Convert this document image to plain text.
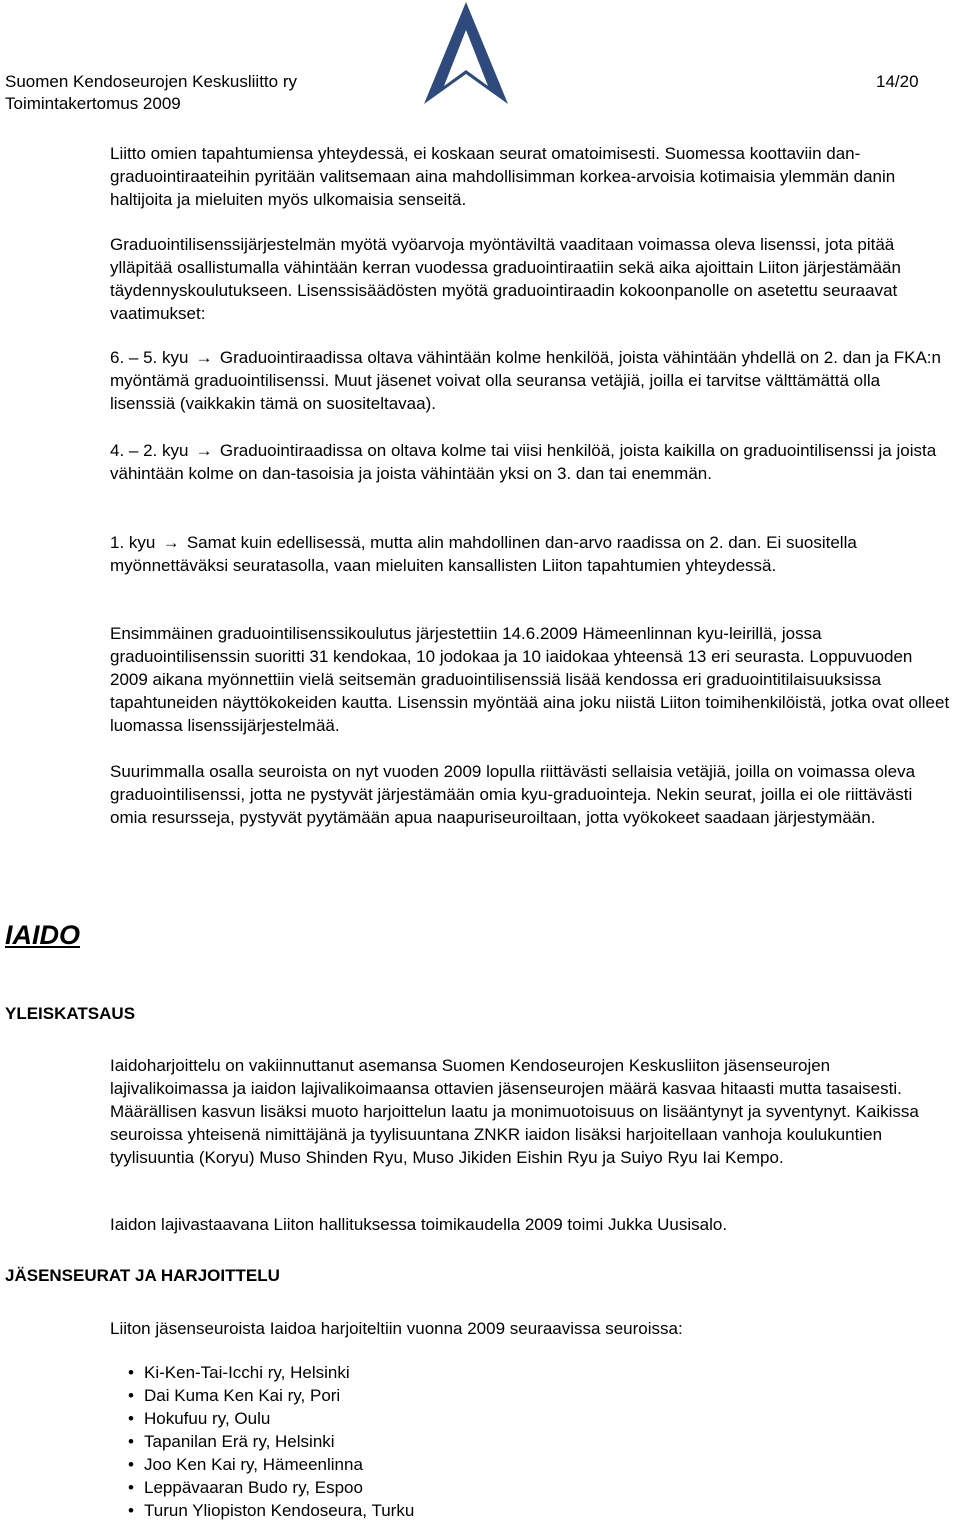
Suomen Kendoseurojen Keskusliitto ry
Toimintakertomus 2009
14/20
Liitto omien tapahtumiensa yhteydessä, ei koskaan seurat omatoimisesti. Suomessa koottaviin dan-graduointiraateihin pyritään valitsemaan aina mahdollisimman korkea-arvoisia kotimaisia ylemmän danin haltijoita ja mieluiten myös ulkomaisia senseitä.
Graduointilisenssijärjestelmän myötä vyöarvoja myöntäviltä vaaditaan voimassa oleva lisenssi, jota pitää ylläpitää osallistumalla vähintään kerran vuodessa graduointiraatiin sekä aika ajoittain Liiton järjestämään täydennyskoulutukseen. Lisenssisäädösten myötä graduointiraadin kokoonpanolle on asetettu seuraavat vaatimukset:
6. – 5. kyu → Graduointiraadissa oltava vähintään kolme henkilöä, joista vähintään yhdellä on 2. dan ja FKA:n myöntämä graduointilisenssi. Muut jäsenet voivat olla seuransa vetäjiä, joilla ei tarvitse välttämättä olla lisenssiä (vaikkakin tämä on suositeltavaa).
4. – 2. kyu → Graduointiraadissa on oltava kolme tai viisi henkilöä, joista kaikilla on graduointilisenssi ja joista vähintään kolme on dan-tasoisia ja joista vähintään yksi on 3. dan tai enemmän.
1. kyu → Samat kuin edellisessä, mutta alin mahdollinen dan-arvo raadissa on 2. dan. Ei suositella myönnettäväksi seuratasolla, vaan mieluiten kansallisten Liiton tapahtumien yhteydessä.
Ensimmäinen graduointilisenssikoulutus järjestettiin 14.6.2009 Hämeenlinnan kyu-leirillä, jossa graduointilisenssin suoritti 31 kendokaa, 10 jodokaa ja 10 iaidokaa yhteensä 13 eri seurasta. Loppuvuoden 2009 aikana myönnettiin vielä seitsemän graduointilisenssiä lisää kendossa eri graduointitilaisuuksissa tapahtuneiden näyttökokeiden kautta. Lisenssin myöntää aina joku niistä Liiton toimihenkilöistä, jotka ovat olleet luomassa lisenssijärjestelmää.
Suurimmalla osalla seuroista on nyt vuoden 2009 lopulla riittävästi sellaisia vetäjiä, joilla on voimassa oleva graduointilisenssi, jotta ne pystyvät järjestämään omia kyu-graduointeja. Nekin seurat, joilla ei ole riittävästi omia resursseja, pystyvät pyytämään apua naapuriseuroiltaan, jotta vyökokeet saadaan järjestymään.
IAIDO
YLEISKATSAUS
Iaidoharjoittelu on vakiinnuttanut asemansa Suomen Kendoseurojen Keskusliiton jäsenseurojen lajivalikoimassa ja iaidon lajivalikoimaansa ottavien jäsenseurojen määrä kasvaa hitaasti mutta tasaisesti. Määrällisen kasvun lisäksi muoto harjoittelun laatu ja monimuotoisuus on lisääntynyt ja syventynyt. Kaikissa seuroissa yhteisenä nimittäjänä ja tyylisuuntana ZNKR iaidon lisäksi harjoitellaan vanhoja koulukuntien tyylisuuntia (Koryu) Muso Shinden Ryu, Muso Jikiden Eishin Ryu ja Suiyo Ryu Iai Kempo.
Iaidon lajivastaavana Liiton hallituksessa toimikaudella 2009 toimi Jukka Uusisalo.
JÄSENSEURAT JA HARJOITTELU
Liiton jäsenseuroista Iaidoa harjoiteltiin vuonna 2009 seuraavissa seuroissa:
• Ki-Ken-Tai-Icchi ry, Helsinki
• Dai Kuma Ken Kai ry, Pori
• Hokufuu ry, Oulu
• Tapanilan Erä ry, Helsinki
• Joo Ken Kai ry, Hämeenlinna
• Leppävaaran Budo ry, Espoo
• Turun Yliopiston Kendoseura, Turku
